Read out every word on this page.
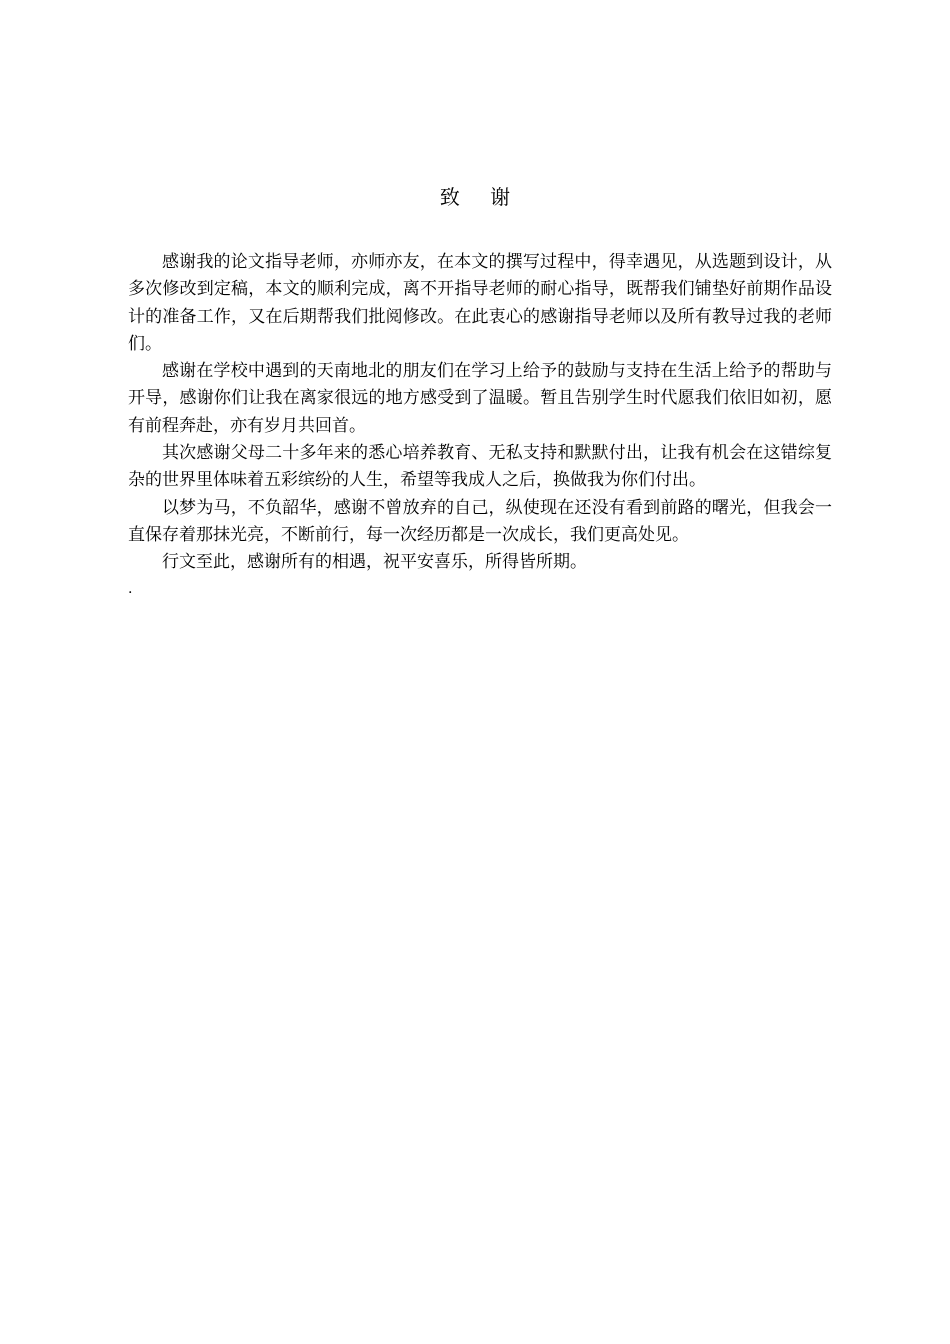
致 谢

感谢我的论文指导老师，亦师亦友，在本文的撰写过程中，得幸遇见，从选题到设计，从多次修改到定稿，本文的顺利完成，离不开指导老师的耐心指导，既帮我们铺垫好前期作品设计的准备工作，又在后期帮我们批阅修改。在此衷心的感谢指导老师以及所有教导过我的老师们。

感谢在学校中遇到的天南地北的朋友们在学习上给予的鼓励与支持在生活上给予的帮助与开导，感谢你们让我在离家很远的地方感受到了温暖。暂且告别学生时代愿我们依旧如初，愿有前程奔赴，亦有岁月共回首。

其次感谢父母二十多年来的悉心培养教育、无私支持和默默付出，让我有机会在这错综复杂的世界里体味着五彩缤纷的人生，希望等我成人之后，换做我为你们付出。

以梦为马，不负韶华，感谢不曾放弃的自己，纵使现在还没有看到前路的曙光，但我会一直保存着那抹光亮，不断前行，每一次经历都是一次成长，我们更高处见。

行文至此，感谢所有的相遇，祝平安喜乐，所得皆所期。

.
